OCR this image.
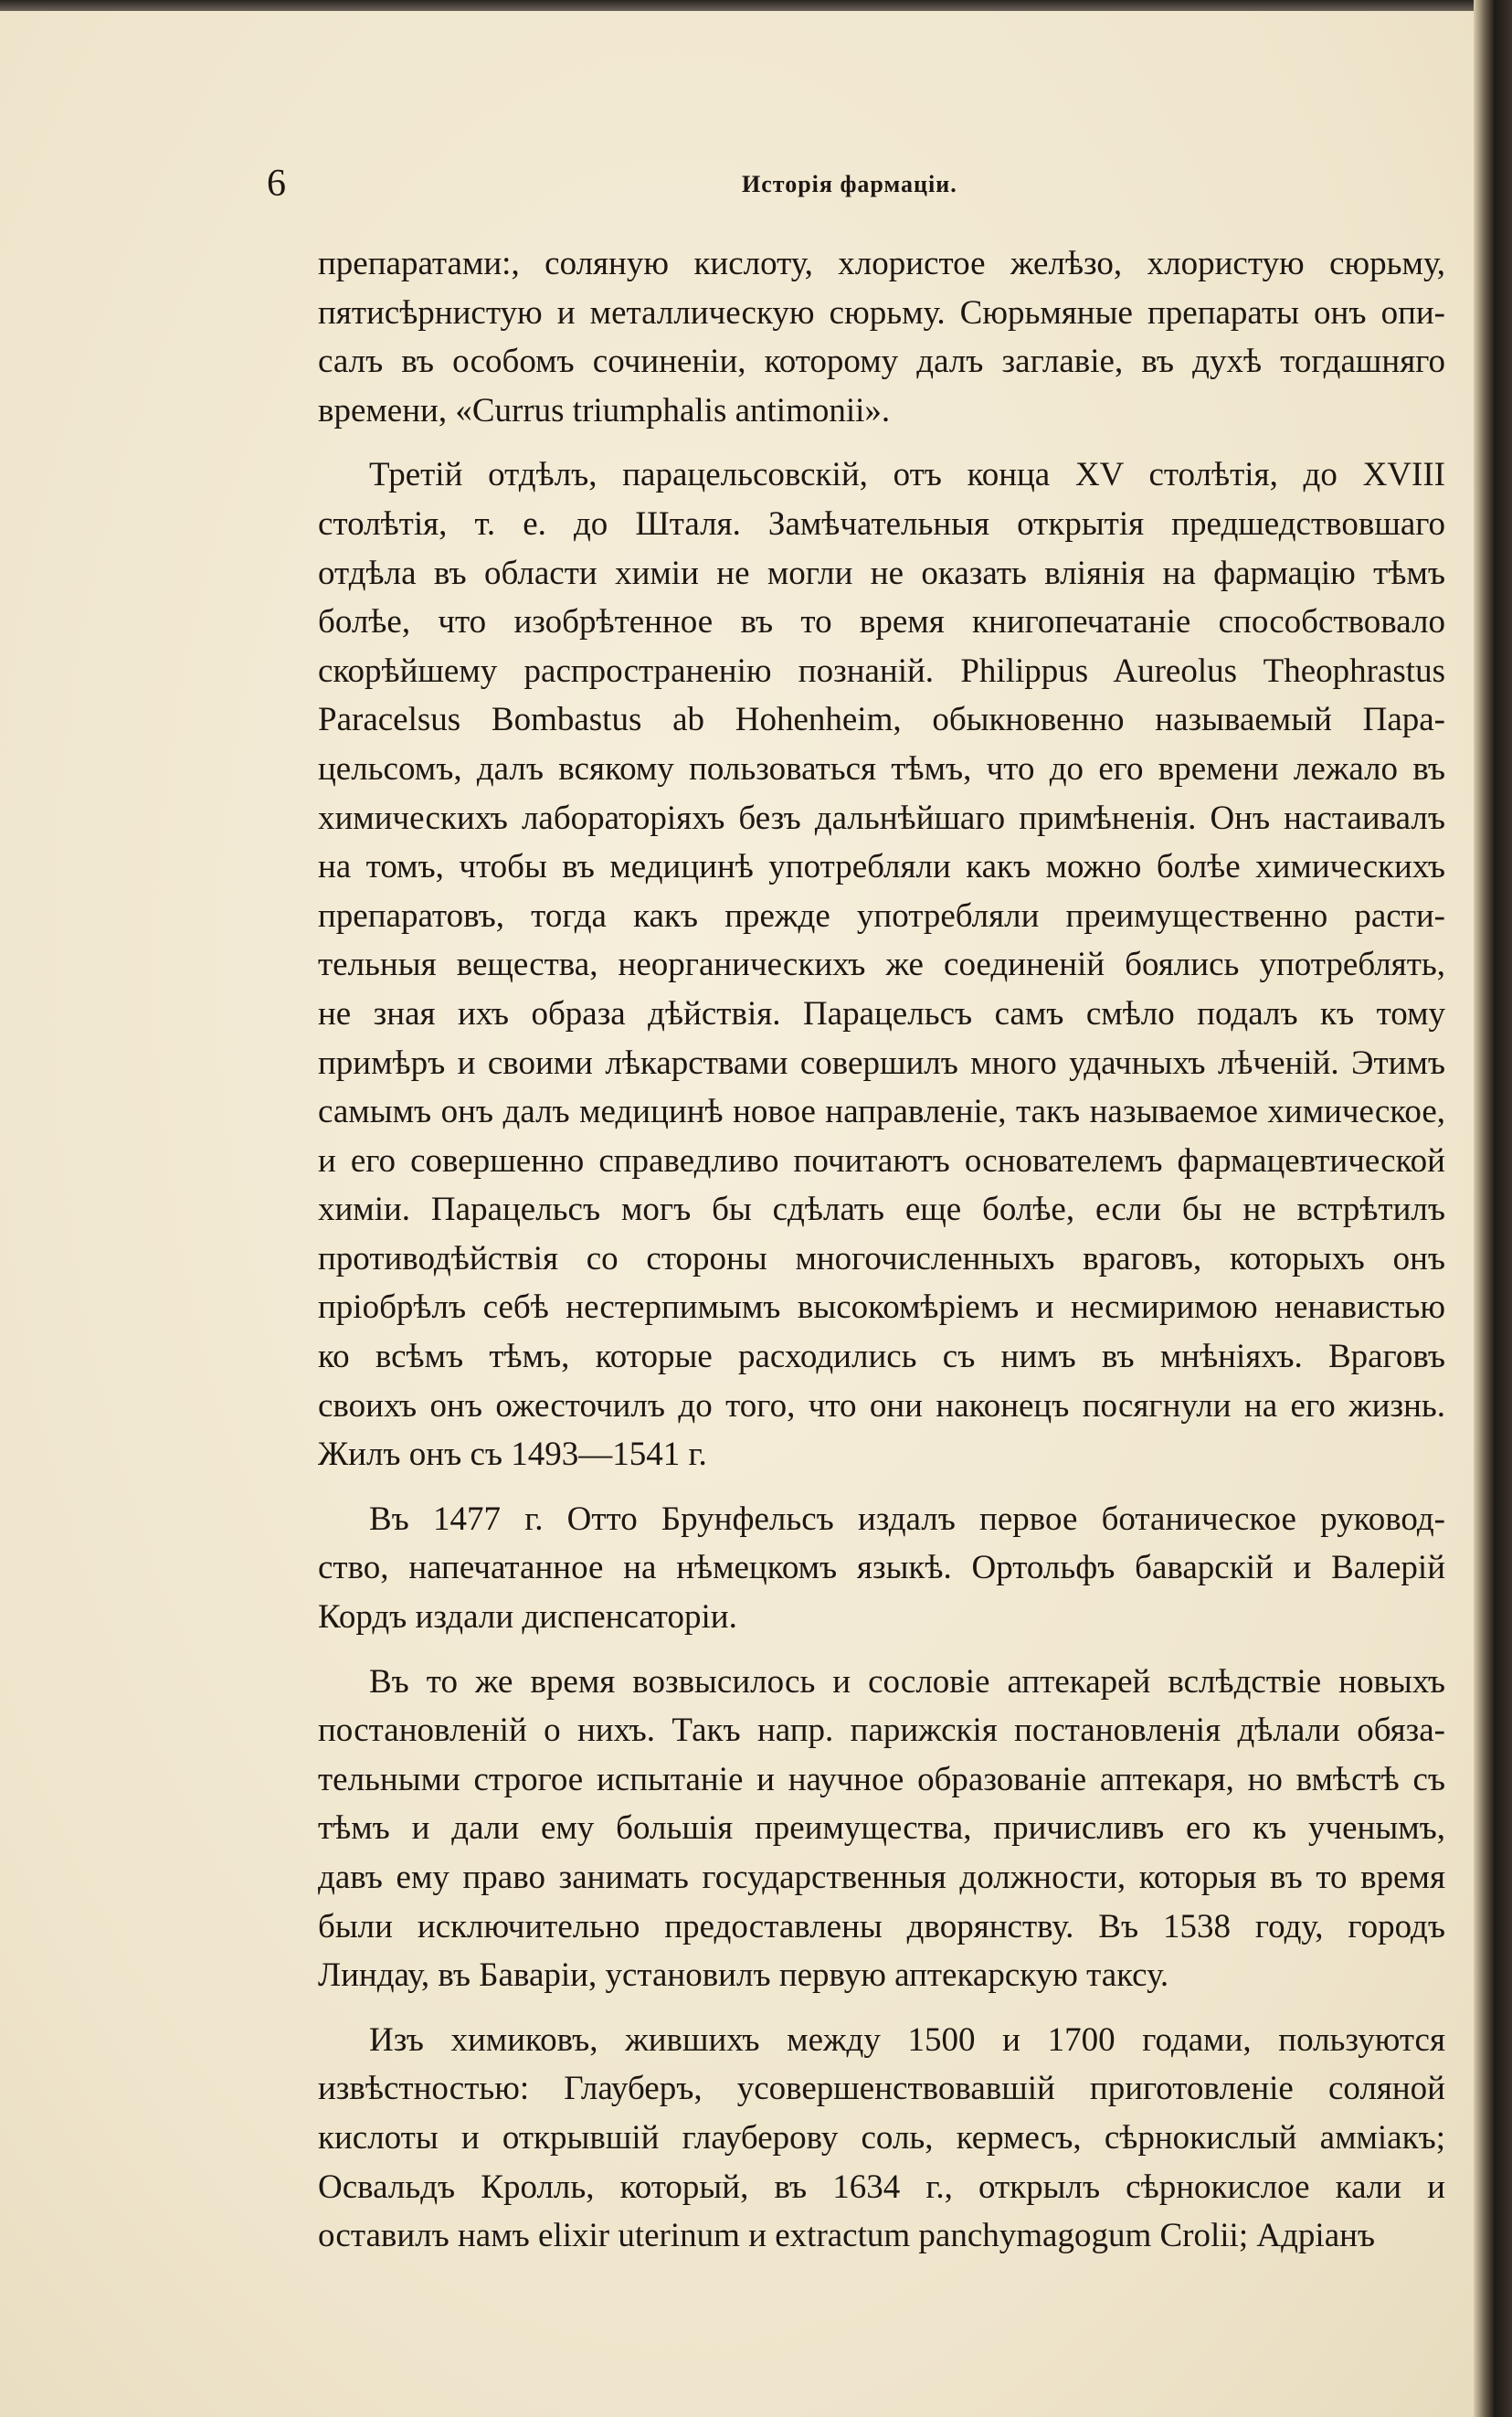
6	Исторiя фармацiи.
препаратами:, соляную кислоту, хлористое желѣзо, хлористую сюрьму,
пятисѣрнистую и металлическую сюрьму. Сюрьмяные препараты онъ опи-
салъ въ особомъ сочиненiи, которому далъ заглавiе, въ духѣ тогдашняго
времени, «Currus triumphalis antimonii».
Третiй отдѣлъ, парацельсовскiй, отъ конца XV столѣтiя, до XVIII
столѣтiя, т. е. до Шталя. Замѣчательныя открытiя предшедствовшаго
отдѣла въ области химiи не могли не оказать влiянiя на фармацiю тѣмъ
болѣе, что изобрѣтенное въ то время книгопечатанiе способствовало
скорѣйшему распространенiю познанiй. Philippus Aureolus Theophrastus
Paracelsus Bombastus ab Hohenheim, обыкновенно называемый Пара-
цельсомъ, далъ всякому пользоваться тѣмъ, что до его времени лежало въ
химическихъ лабораторiяхъ безъ дальнѣйшаго примѣненiя. Онъ настаивалъ
на томъ, чтобы въ медицинѣ употребляли какъ можно болѣе химическихъ
препаратовъ, тогда какъ прежде употребляли преимущественно расти-
тельныя вещества, неорганическихъ же соединенiй боялись употреблять,
не зная ихъ образа дѣйствiя. Парацельсъ самъ смѣло подалъ къ тому
примѣръ и своими лѣкарствами совершилъ много удачныхъ лѣченiй. Этимъ
самымъ онъ далъ медицинѣ новое направленiе, такъ называемое химическое,
и его совершенно справедливо почитаютъ основателемъ фармацевтической
химiи. Парацельсъ могъ бы сдѣлать еще болѣе, если бы не встрѣтилъ
противодѣйствiя со стороны многочисленныхъ враговъ, которыхъ онъ
прiобрѣлъ себѣ нестерпимымъ высокомѣрiемъ и несмиримою ненавистью
ко всѣмъ тѣмъ, которые расходились съ нимъ въ мнѣнiяхъ. Враговъ
своихъ онъ ожесточилъ до того, что они наконецъ посягнули на его жизнь.
Жилъ онъ съ 1493—1541 г.
Въ 1477 г. Отто Брунфельсъ издалъ первое ботаническое руковод-
ство, напечатанное на нѣмецкомъ языкѣ. Ортольфъ баварскiй и Валерiй
Кордъ издали диспенсаторiи.
Въ то же время возвысилось и сословiе аптекарей вслѣдствiе новыхъ
постановленiй о нихъ. Такъ напр. парижскiя постановленiя дѣлали обяза-
тельными строгое испытанiе и научное образованiе аптекаря, но вмѣстѣ съ
тѣмъ и дали ему большiя преимущества, причисливъ его къ ученымъ,
давъ ему право занимать государственныя должности, которыя въ то время
были исключительно предоставлены дворянству. Въ 1538 году, городъ
Линдау, въ Баварiи, установилъ первую аптекарскую таксу.
Изъ химиковъ, жившихъ между 1500 и 1700 годами, пользуются
извѣстностью: Глауберъ, усовершенствовавшiй приготовленiе соляной
кислоты и открывшiй глауберову соль, кермесъ, сѣрнокислый амміакъ;
Освальдъ Кролль, который, въ 1634 г., открылъ сѣрнокислое кали и
оставилъ намъ elixir uterinum и extractum panchymagogum Crolii; Адрiанъ
